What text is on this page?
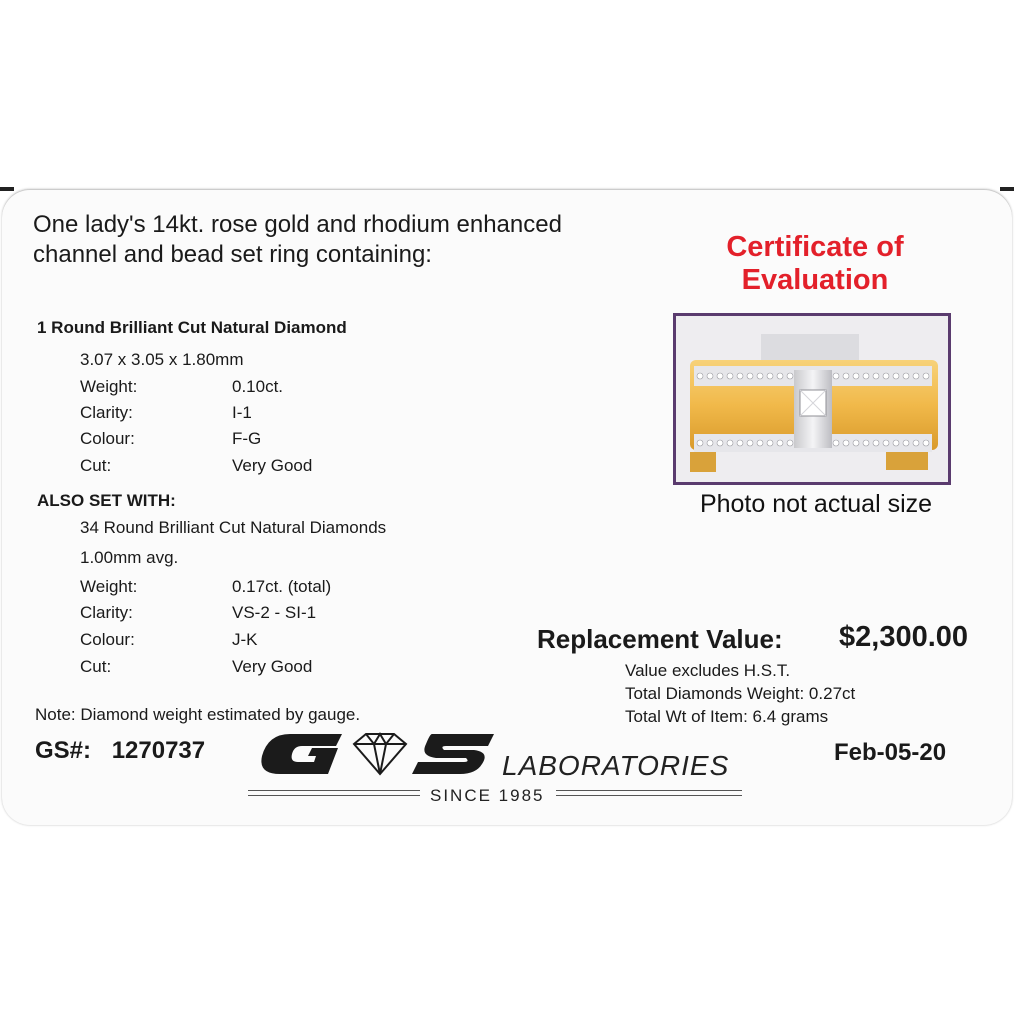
One lady's 14kt. rose gold and rhodium enhanced
channel and bead set ring containing:
1 Round Brilliant Cut Natural Diamond
3.07 x 3.05 x 1.80mm
Weight:	0.10ct.
Clarity:	I-1
Colour:	F-G
Cut:	Very Good
ALSO SET WITH:
34 Round Brilliant Cut Natural Diamonds
1.00mm avg.
Weight:	0.17ct. (total)
Clarity:	VS-2 - SI-1
Colour:	J-K
Cut:	Very Good
Note: Diamond weight estimated by gauge.
Certificate of
Evaluation
Photo not actual size
Replacement Value: $2,300.00
Value excludes H.S.T.
Total Diamonds Weight: 0.27ct
Total Wt of Item: 6.4 grams
GS#: 1270737	LABORATORIES
SINCE 1985
Feb-05-20
